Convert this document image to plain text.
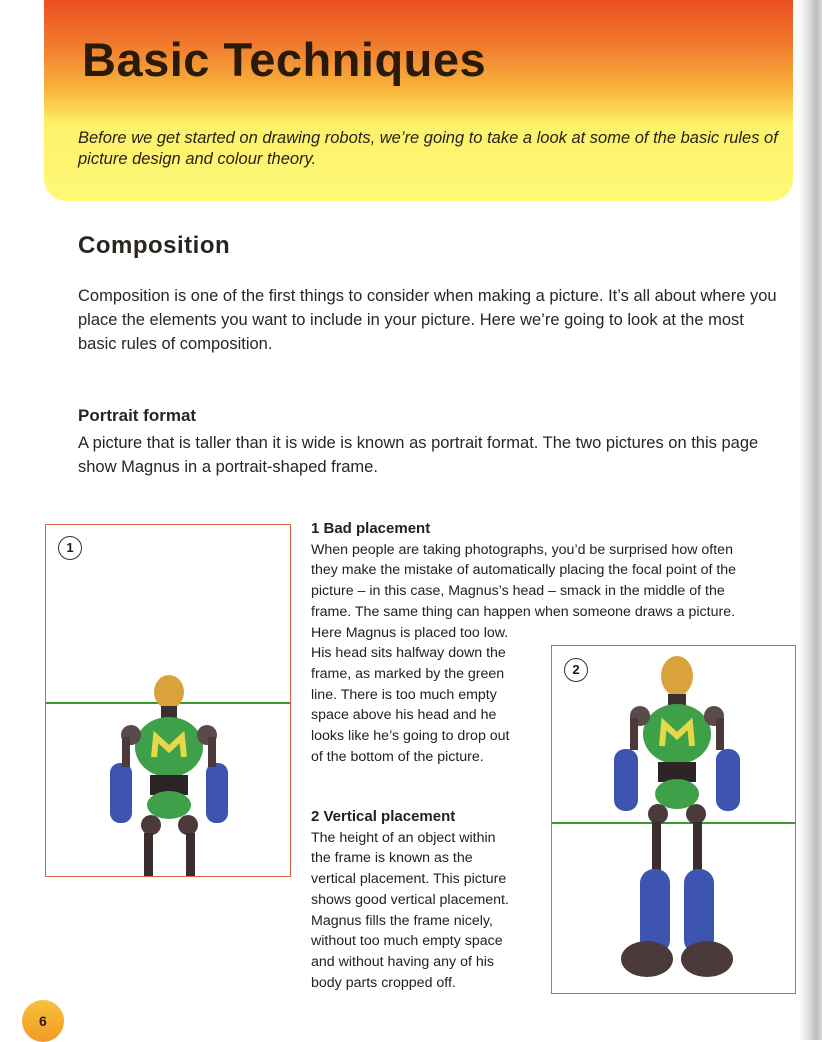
Basic Techniques
Before we get started on drawing robots, we’re going to take a look at some of the basic rules of picture design and colour theory.
Composition
Composition is one of the first things to consider when making a picture. It’s all about where you place the elements you want to include in your picture. Here we’re going to look at the most basic rules of composition.
Portrait format
A picture that is taller than it is wide is known as portrait format. The two pictures on this page show Magnus in a portrait-shaped frame.
1
2
1 Bad placement
When people are taking photographs, you’d be surprised how often
they make the mistake of automatically placing the focal point of the
picture – in this case, Magnus’s head – smack in the middle of the
frame. The same thing can happen when someone draws a picture.
Here Magnus is placed too low.
His head sits halfway down the
frame, as marked by the green
line. There is too much empty
space above his head and he
looks like he’s going to drop out
of the bottom of the picture.
2 Vertical placement
The height of an object within
the frame is known as the
vertical placement. This picture
shows good vertical placement.
Magnus fills the frame nicely,
without too much empty space
and without having any of his
body parts cropped off.
6
